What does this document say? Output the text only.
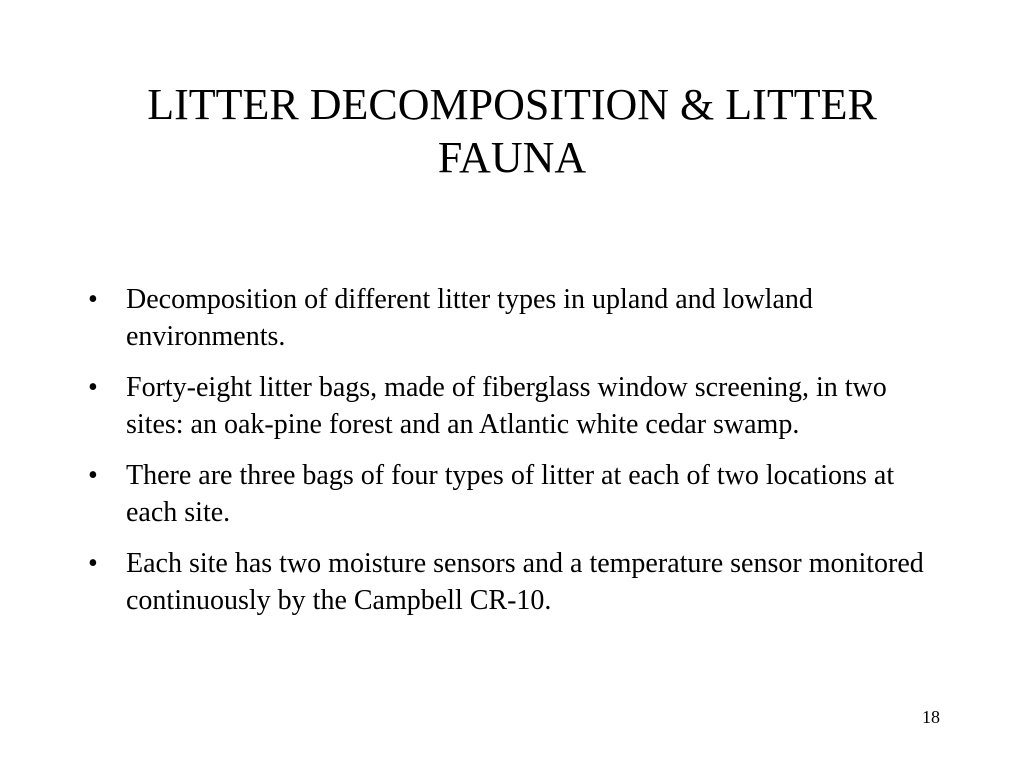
LITTER DECOMPOSITION & LITTER
FAUNA
•	Decomposition of different litter types in upland and lowland environments.
•	Forty-eight litter bags, made of fiberglass window screening, in two sites: an oak-pine forest and an Atlantic white cedar swamp.
•	There are three bags of four types of litter at each of two locations at each site.
•	Each site has two moisture sensors and a temperature sensor monitored continuously by the Campbell CR-10.
18
